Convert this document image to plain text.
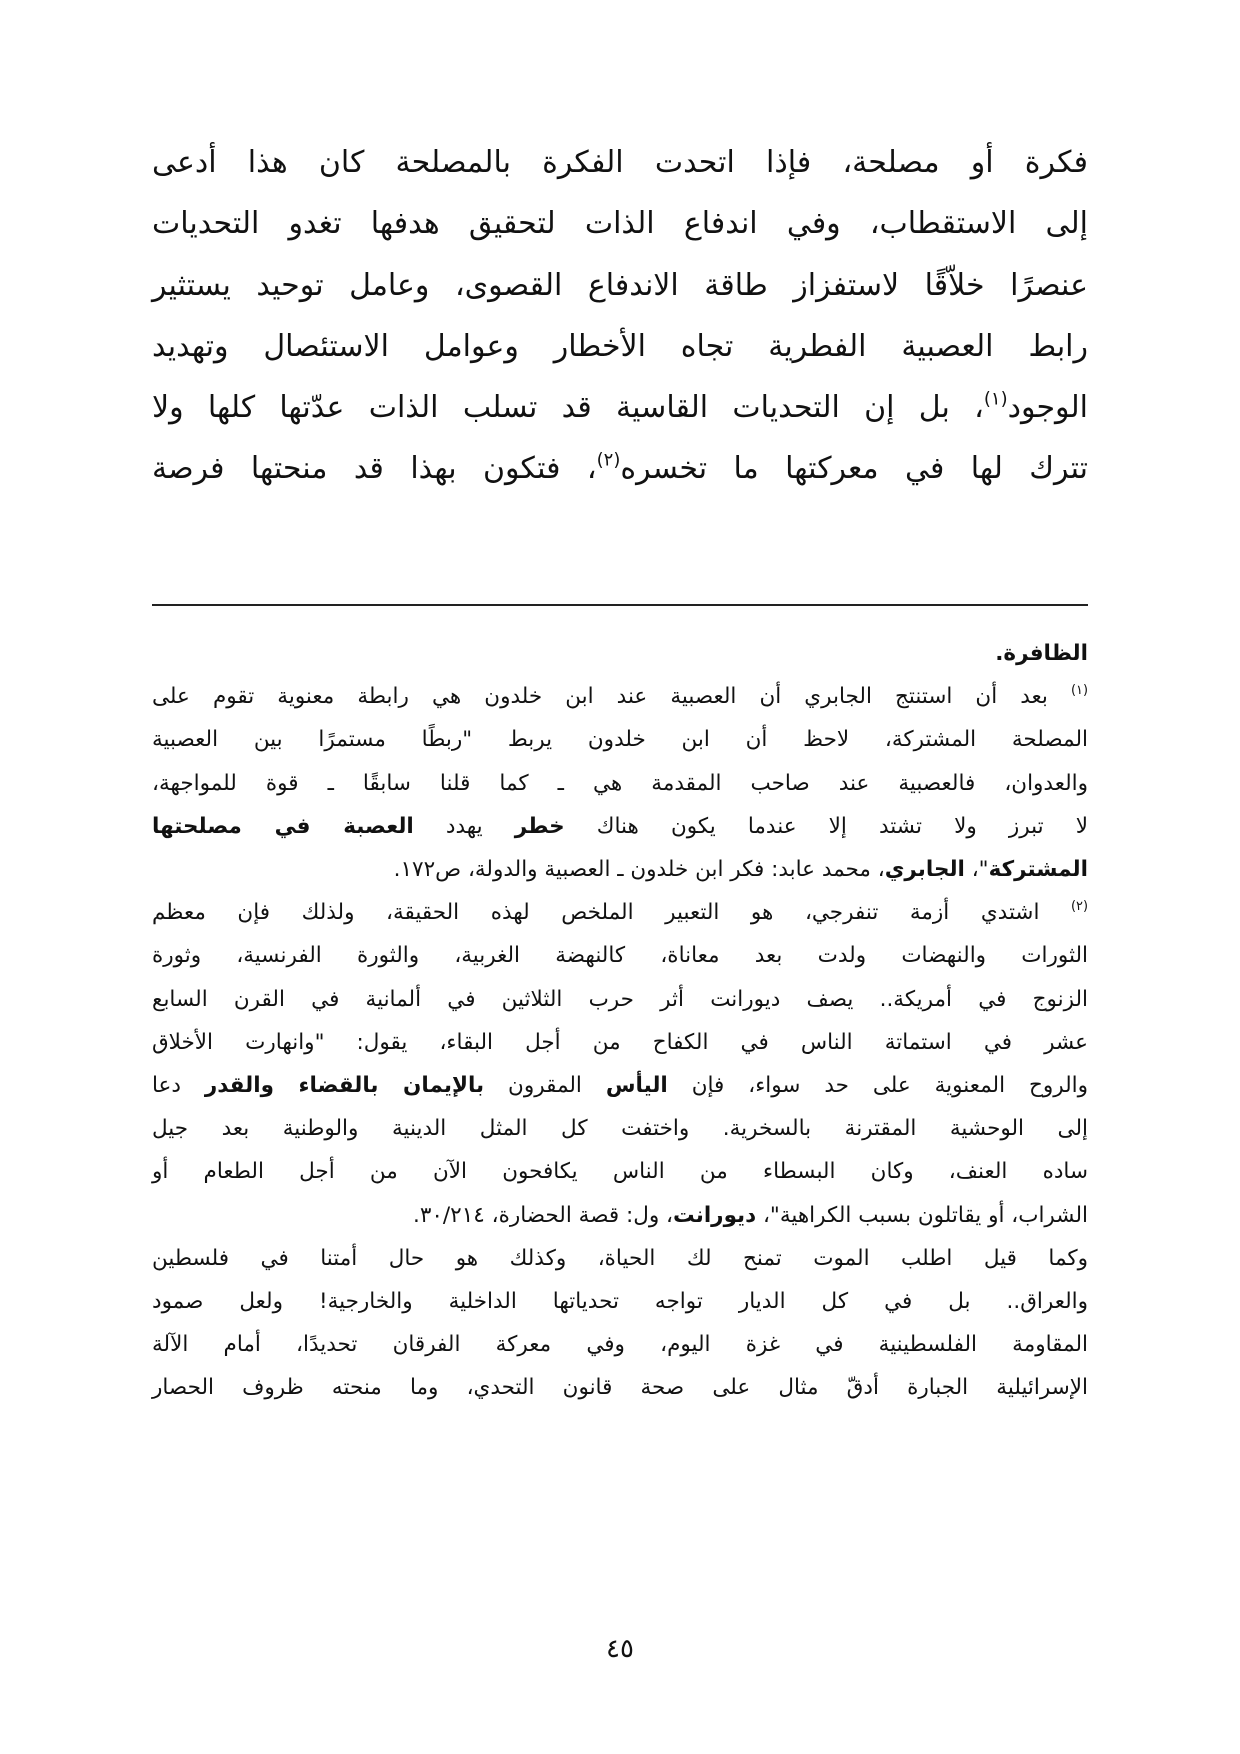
فكرة أو مصلحة، فإذا اتحدت الفكرة بالمصلحة كان هذا أدعى
إلى الاستقطاب، وفي اندفاع الذات لتحقيق هدفها تغدو التحديات
عنصرًا خلاّقًا لاستفزاز طاقة الاندفاع القصوى، وعامل توحيد يستثير
رابط العصبية الفطرية تجاه الأخطار وعوامل الاستئصال وتهديد
الوجود$^{(١)}$، بل إن التحديات القاسية قد تسلب الذات عدّتها كلها ولا
تترك لها في معركتها ما تخسره$^{(٢)}$، فتكون بهذا قد منحتها فرصة

الظافرة.
$^{(١)}$ بعد أن استنتج الجابري أن العصبية عند ابن خلدون هي رابطة معنوية تقوم على
المصلحة المشتركة، لاحظ أن ابن خلدون يربط "ربطًا مستمرًا بين العصبية
والعدوان، فالعصبية عند صاحب المقدمة هي ـ كما قلنا سابقًا ـ قوة للمواجهة،
لا تبرز ولا تشتد إلا عندما يكون هناك خطر يهدد العصبة في مصلحتها
المشتركة"، الجابري، محمد عابد: فكر ابن خلدون ـ العصبية والدولة، ص١٧٢.
$^{(٢)}$ اشتدي أزمة تنفرجي، هو التعبير الملخص لهذه الحقيقة، ولذلك فإن معظم
الثورات والنهضات ولدت بعد معاناة، كالنهضة الغربية، والثورة الفرنسية، وثورة
الزنوج في أمريكة.. يصف ديورانت أثر حرب الثلاثين في ألمانية في القرن السابع
عشر في استماتة الناس في الكفاح من أجل البقاء، يقول: "وانهارت الأخلاق
والروح المعنوية على حد سواء، فإن اليأس المقرون بالإيمان بالقضاء والقدر دعا
إلى الوحشية المقترنة بالسخرية. واختفت كل المثل الدينية والوطنية بعد جيل
ساده العنف، وكان البسطاء من الناس يكافحون الآن من أجل الطعام أو
الشراب، أو يقاتلون بسبب الكراهية"، ديورانت، ول: قصة الحضارة، ٣٠/٢١٤.
وكما قيل اطلب الموت تمنح لك الحياة، وكذلك هو حال أمتنا في فلسطين
والعراق.. بل في كل الديار تواجه تحدياتها الداخلية والخارجية! ولعل صمود
المقاومة الفلسطينية في غزة اليوم، وفي معركة الفرقان تحديدًا، أمام الآلة
الإسرائيلية الجبارة أدقّ مثال على صحة قانون التحدي، وما منحته ظروف الحصار
٤٥
